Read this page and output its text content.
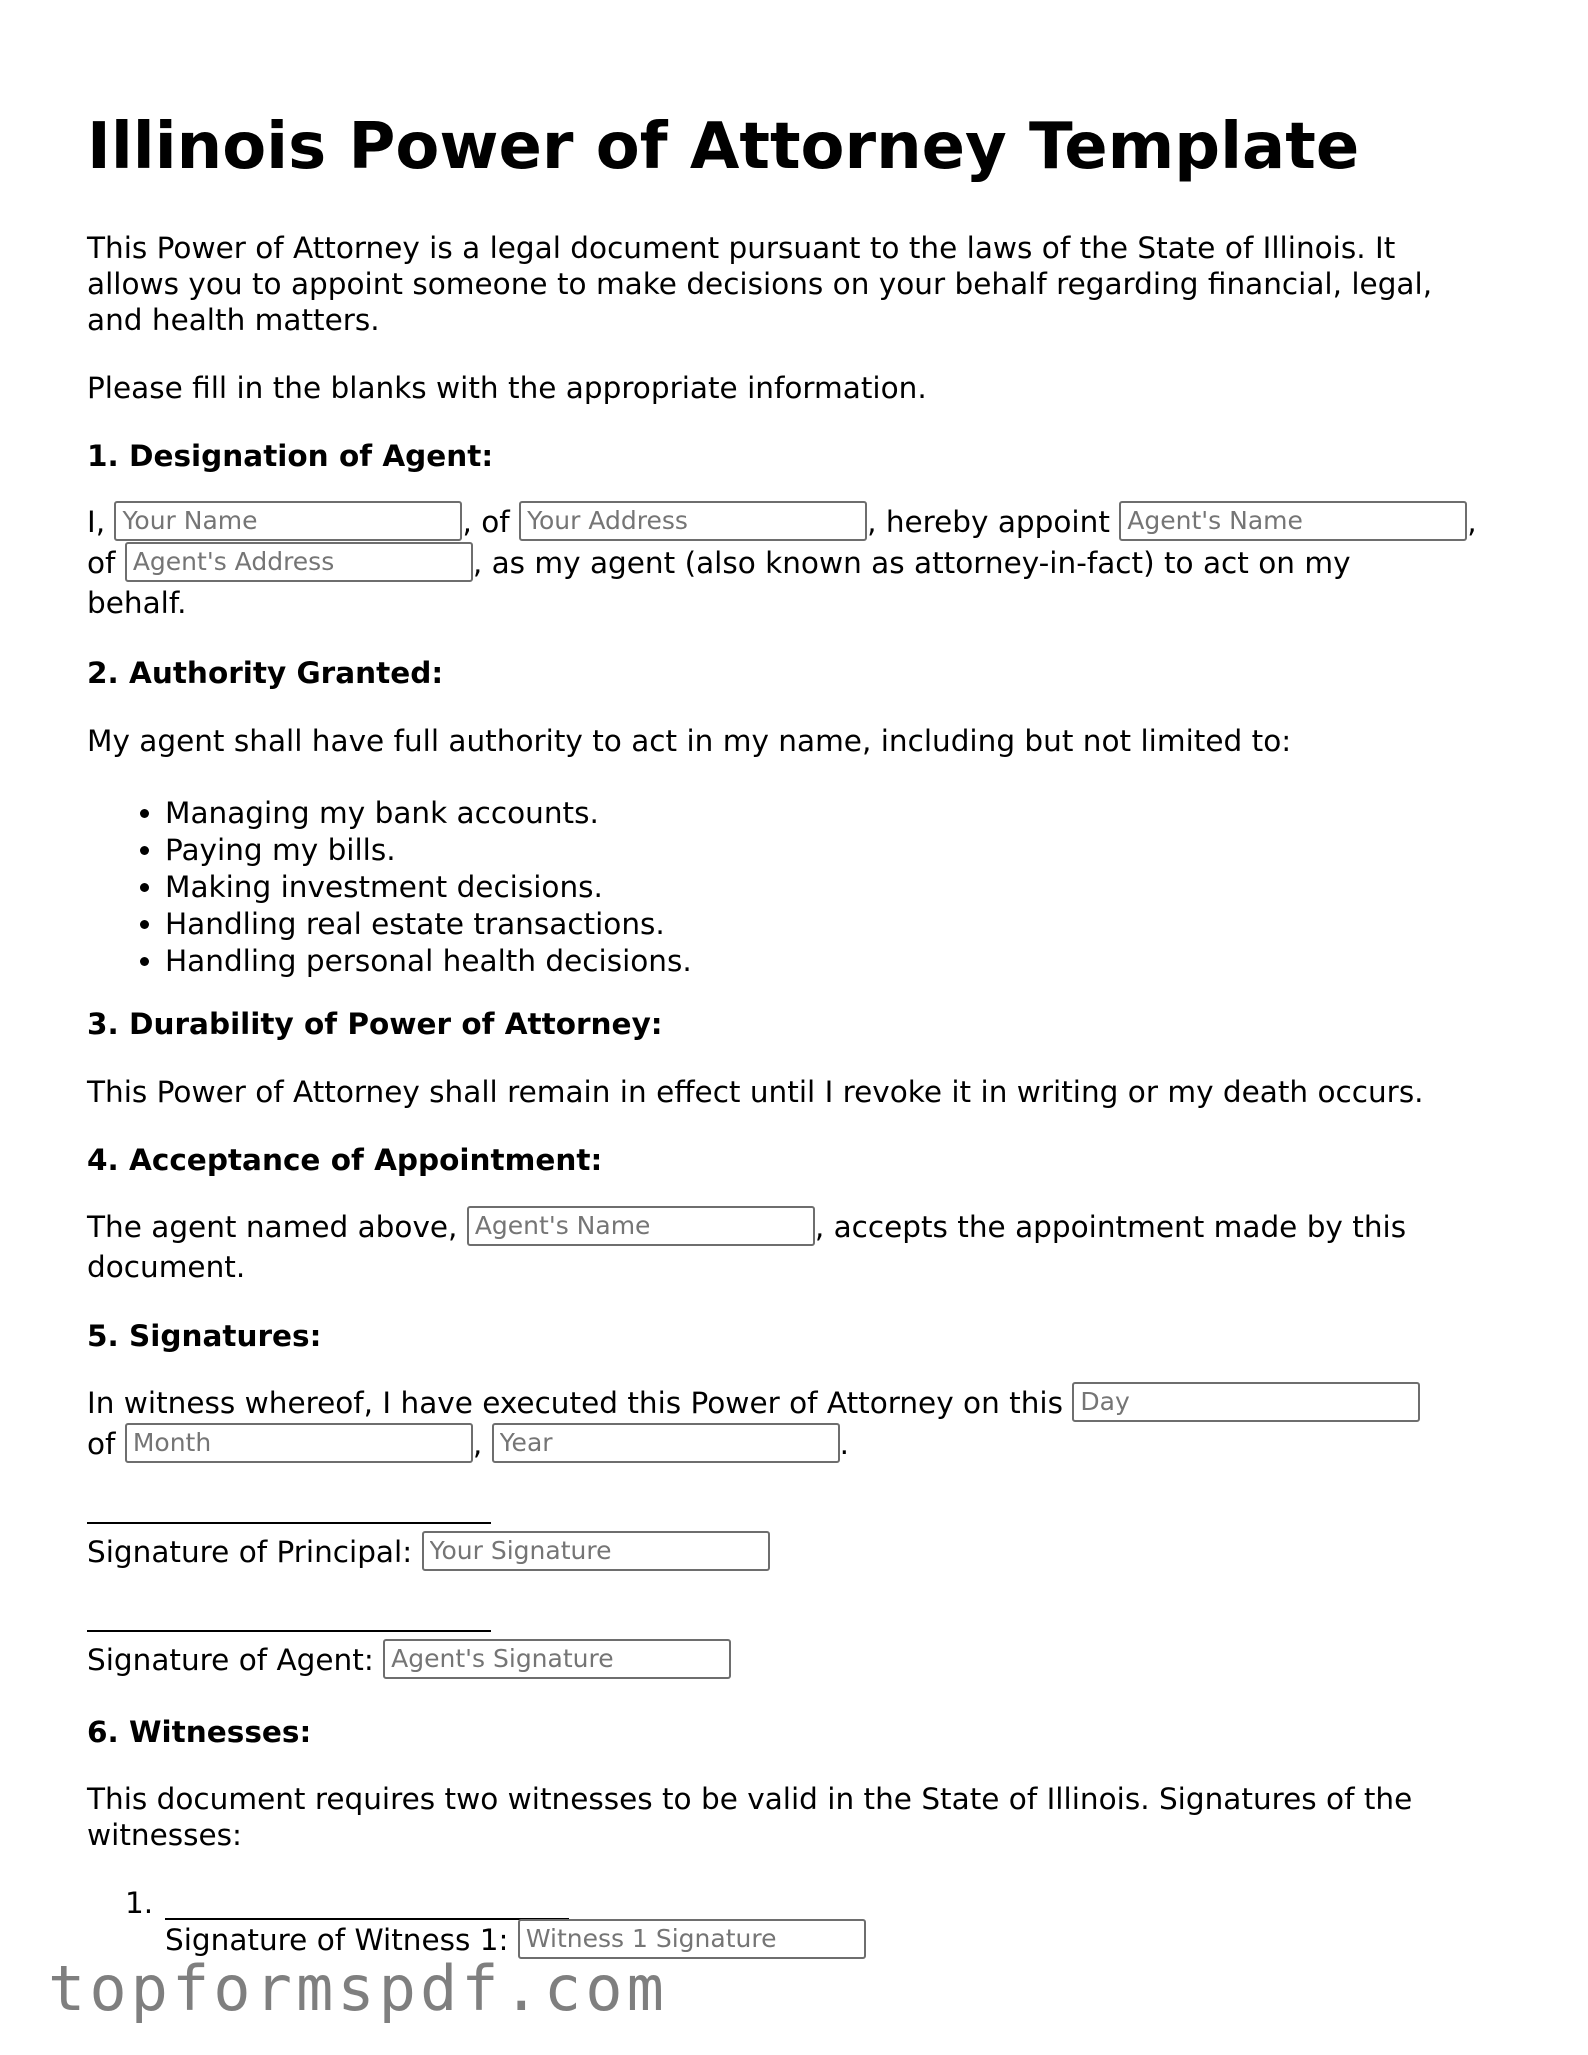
Illinois Power of Attorney Template

This Power of Attorney is a legal document pursuant to the laws of the State of Illinois. It

allows you to appoint someone to make decisions on your behalf regarding financial, legal,

and health matters.

Please fill in the blanks with the appropriate information.

1. Designation of Agent:

I, Your Name	, of Your Address	, hereby appoint Agent's Name	,

of Agent's Address	, as my agent (also known as attorney-in-fact) to act on my

behalf.

2. Authority Granted:

My agent shall have full authority to act in my name, including but not limited to:

• Managing my bank accounts.
• Paying my bills.
• Making investment decisions.
• Handling real estate transactions.
• Handling personal health decisions.

3. Durability of Power of Attorney:

This Power of Attorney shall remain in effect until I revoke it in writing or my death occurs.

4. Acceptance of Appointment:

The agent named above, Agent's Name	, accepts the appointment made by this

document.

5. Signatures:

In witness whereof, I have executed this Power of Attorney on this Day

of Month	, Year	.

Signature of Principal: Your Signature

Signature of Agent: Agent's Signature

6. Witnesses:

This document requires two witnesses to be valid in the State of Illinois. Signatures of the

witnesses:

1.

Signature of Witness 1: Witness 1 Signature

topformspdf.com
